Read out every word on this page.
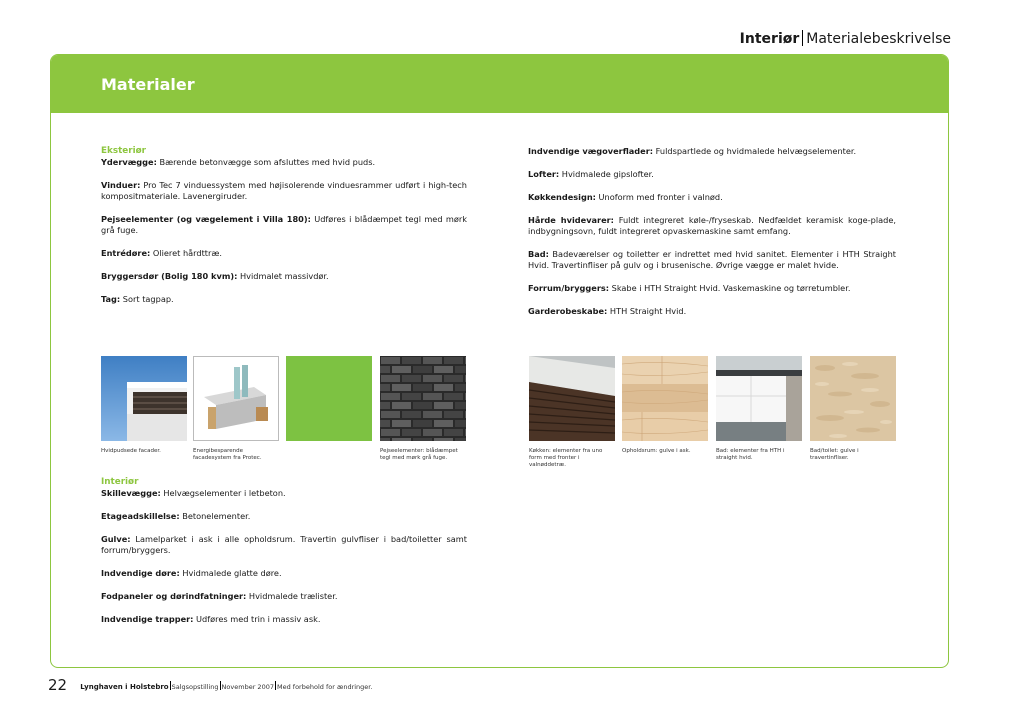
Interiør Materialebeskrivelse
Materialer
Eksteriør

Ydervægge: Bærende betonvægge som afsluttes med hvid puds.

Vinduer: Pro Tec 7 vinduessystem med højisolerende vinduesrammer udført i high-tech kompositmateriale. Lavenergiruder.

Pejseelementer (og vægelement i Villa 180): Udføres i blådæmpet tegl med mørk grå fuge.

Entrédøre: Olieret hårdttræ.

Bryggersdør (Bolig 180 kvm): Hvidmalet massivdør.

Tag: Sort tagpap.

Indvendige vægoverflader: Fuldspartlede og hvidmalede helvægselementer.

Lofter: Hvidmalede gipslofter.

Køkkendesign: Unoform med fronter i valnød.

Hårde hvidevarer: Fuldt integreret køle-/fryseskab. Nedfældet keramisk koge-plade, indbygningsovn, fuldt integreret opvaskemaskine samt emfang.

Bad: Badeværelser og toiletter er indrettet med hvid sanitet. Elementer i HTH Straight Hvid. Travertinfliser på gulv og i brusenische. Øvrige vægge er malet hvide.

Forrum/bryggers: Skabe i HTH Straight Hvid. Vaskemaskine og tørretumbler.

Garderobeskabe: HTH Straight Hvid.

Hvidpudsede facader.	Energibesparende facadesystem fra Protec.
Pejseelementer: blådæmpet tegl med mørk grå fuge.
Køkken: elementer fra uno form med fronter i valnøddetræ.
Opholdsrum: gulve i ask.	Bad: elementer fra HTH i straight hvid.
Bad/toilet: gulve i travertinfliser.
Interiør

Skillevægge: Helvægselementer i letbeton.

Etageadskillelse: Betonelementer.

Gulve: Lamelparket i ask i alle opholdsrum. Travertin gulvfliser i bad/toiletter samt forrum/bryggers.

Indvendige døre: Hvidmalede glatte døre.

Fodpaneler og dørindfatninger: Hvidmalede trælister.

Indvendige trapper: Udføres med trin i massiv ask.

22 Lynghaven i Holstebro Salgsopstilling November 2007 Med forbehold for ændringer.
